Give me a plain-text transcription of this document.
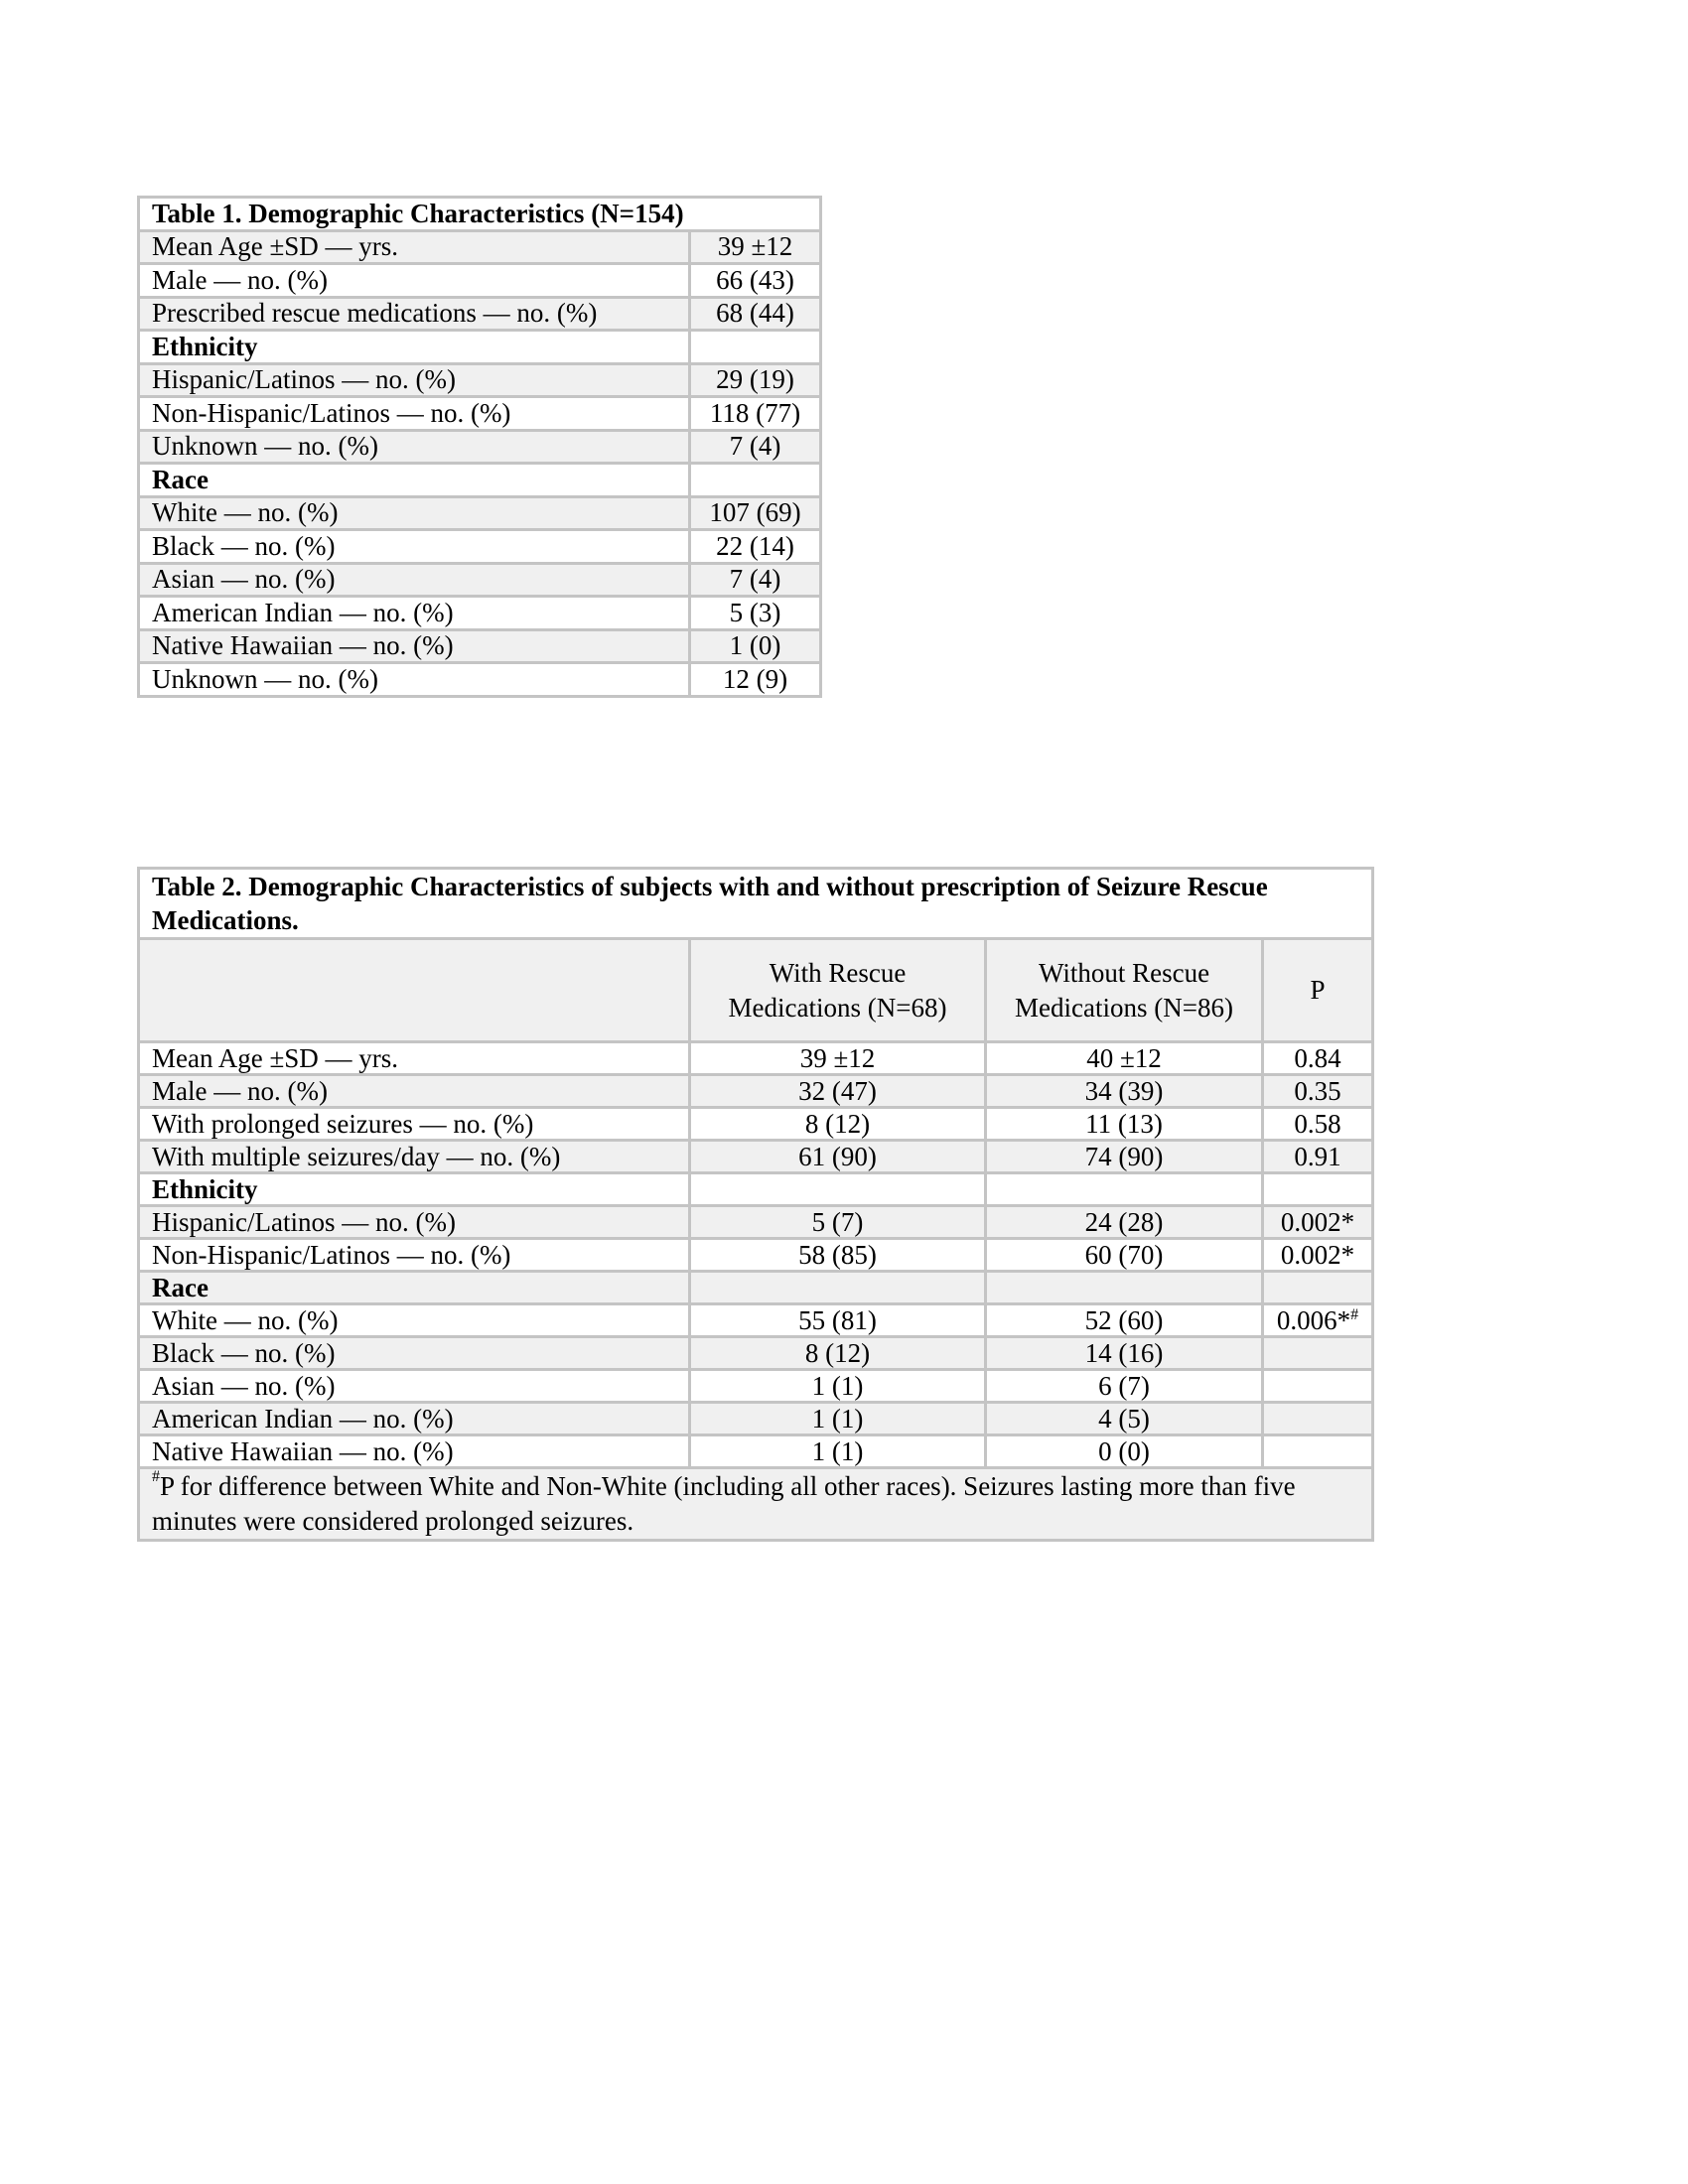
Table 1. Demographic Characteristics (N=154)	
Mean Age ±SD — yrs.	39 ±12
Male — no. (%)	66 (43)
Prescribed rescue medications — no. (%)	68 (44)
Ethnicity	
Hispanic/Latinos — no. (%)	29 (19)
Non-Hispanic/Latinos — no. (%)	118 (77)
Unknown — no. (%)	7 (4)
Race	
White — no. (%)	107 (69)
Black — no. (%)	22 (14)
Asian — no. (%)	7 (4)
American Indian — no. (%)	5 (3)
Native Hawaiian — no. (%)	1 (0)
Unknown — no. (%)	12 (9)
Table 2. Demographic Characteristics of subjects with and without prescription of Seizure Rescue Medications.			
	With Rescue Medications (N=68)	Without Rescue Medications (N=86)	P
Mean Age ±SD — yrs.	39 ±12	40 ±12	0.84
Male — no. (%)	32 (47)	34 (39)	0.35
With prolonged seizures — no. (%)	8 (12)	11 (13)	0.58
With multiple seizures/day — no. (%)	61 (90)	74 (90)	0.91
Ethnicity			
Hispanic/Latinos — no. (%)	5 (7)	24 (28)	0.002*
Non-Hispanic/Latinos — no. (%)	58 (85)	60 (70)	0.002*
Race			
White — no. (%)	55 (81)	52 (60)	0.006*#
Black — no. (%)	8 (12)	14 (16)	
Asian — no. (%)	1 (1)	6 (7)	
American Indian — no. (%)	1 (1)	4 (5)	
Native Hawaiian — no. (%)	1 (1)	0 (0)	
#P for difference between White and Non-White (including all other races). Seizures lasting more than five minutes were considered prolonged seizures.			
